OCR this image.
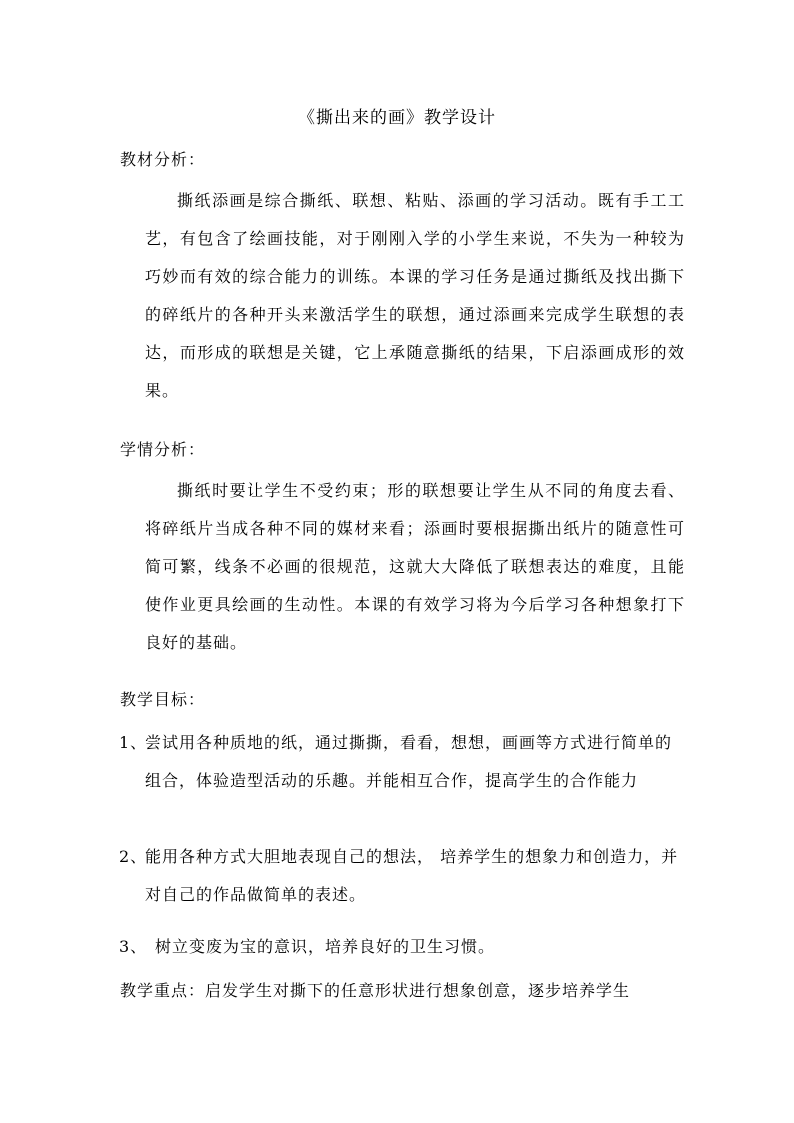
《撕出来的画》教学设计
教材分析：
撕纸添画是综合撕纸、联想、粘贴、添画的学习活动。既有手工工艺，有包含了绘画技能，对于刚刚入学的小学生来说，不失为一种较为巧妙而有效的综合能力的训练。本课的学习任务是通过撕纸及找出撕下的碎纸片的各种开头来激活学生的联想，通过添画来完成学生联想的表达，而形成的联想是关键，它上承随意撕纸的结果，下启添画成形的效果。
学情分析：
撕纸时要让学生不受约束；形的联想要让学生从不同的角度去看、将碎纸片当成各种不同的媒材来看；添画时要根据撕出纸片的随意性可简可繁，线条不必画的很规范，这就大大降低了联想表达的难度，且能使作业更具绘画的生动性。本课的有效学习将为今后学习各种想象打下良好的基础。
教学目标：
1、尝试用各种质地的纸，通过撕撕，看看，想想，画画等方式进行简单的组合，体验造型活动的乐趣。并能相互合作，提高学生的合作能力
2、能用各种方式大胆地表现自己的想法， 培养学生的想象力和创造力，并对自己的作品做简单的表述。
3、 树立变废为宝的意识，培养良好的卫生习惯。
教学重点：启发学生对撕下的任意形状进行想象创意，逐步培养学生
